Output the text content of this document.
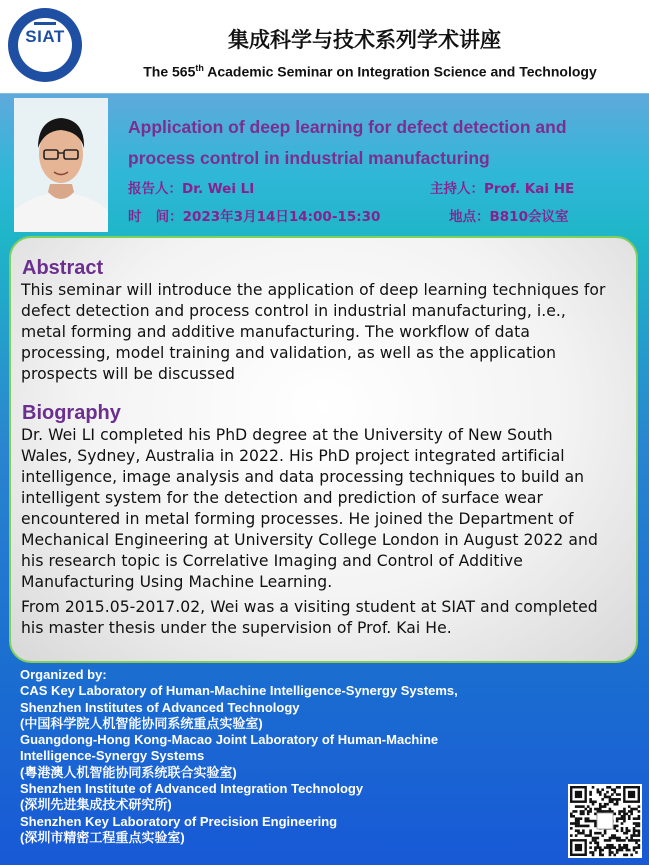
SIAT	集成科学与技术系列学术讲座
The 565th Academic Seminar on Integration Science and Technology
Application of deep learning for defect detection and
process control in industrial manufacturing
报告人：Dr. Wei LI	主持人：Prof. Kai HE
时   间：2023年3月14日14:00-15:30	地点：B810会议室
Abstract
This seminar will introduce the application of deep learning techniques for
defect detection and process control in industrial manufacturing, i.e.,
metal forming and additive manufacturing. The workflow of data
processing, model training and validation, as well as the application
prospects will be discussed
Biography
Dr. Wei LI completed his PhD degree at the University of New South
Wales, Sydney, Australia in 2022. His PhD project integrated artificial
intelligence, image analysis and data processing techniques to build an
intelligent system for the detection and prediction of surface wear
encountered in metal forming processes. He joined the Department of
Mechanical Engineering at University College London in August 2022 and
his research topic is Correlative Imaging and Control of Additive
Manufacturing Using Machine Learning.
From 2015.05-2017.02, Wei was a visiting student at SIAT and completed
his master thesis under the supervision of Prof. Kai He.
Organized by:
CAS Key Laboratory of Human-Machine Intelligence-Synergy Systems,
Shenzhen Institutes of Advanced Technology
(中国科学院人机智能协同系统重点实验室)
Guangdong-Hong Kong-Macao Joint Laboratory of Human-Machine
Intelligence-Synergy Systems
(粤港澳人机智能协同系统联合实验室)
Shenzhen Institute of Advanced Integration Technology
(深圳先进集成技术研究所)
Shenzhen Key Laboratory of Precision Engineering
(深圳市精密工程重点实验室)
